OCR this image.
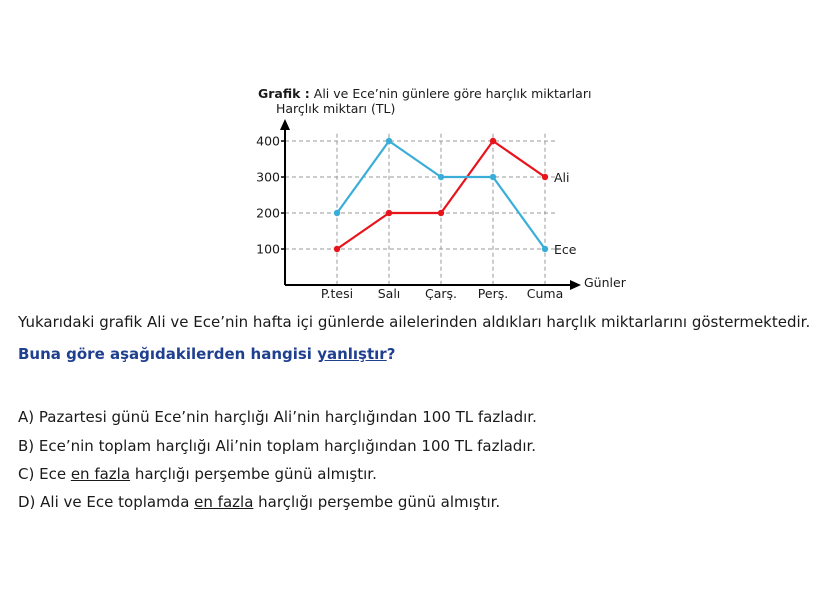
Grafik : Ali ve Ece’nin günlere göre harçlık miktarları
Harçlık miktarı (TL)
100
200
300
400
P.tesi Salı Çarş. Perş. Cuma
Günler
Ali
Ece
Yukarıdaki grafik Ali ve Ece’nin hafta içi günlerde ailelerinden aldıkları harçlık miktarlarını göstermektedir.
Buna göre aşağıdakilerden hangisi yanlıştır?
A) Pazartesi günü Ece’nin harçlığı Ali’nin harçlığından 100 TL fazladır.
B) Ece’nin toplam harçlığı Ali’nin toplam harçlığından 100 TL fazladır.
C) Ece en fazla harçlığı perşembe günü almıştır.
D) Ali ve Ece toplamda en fazla harçlığı perşembe günü almıştır.
